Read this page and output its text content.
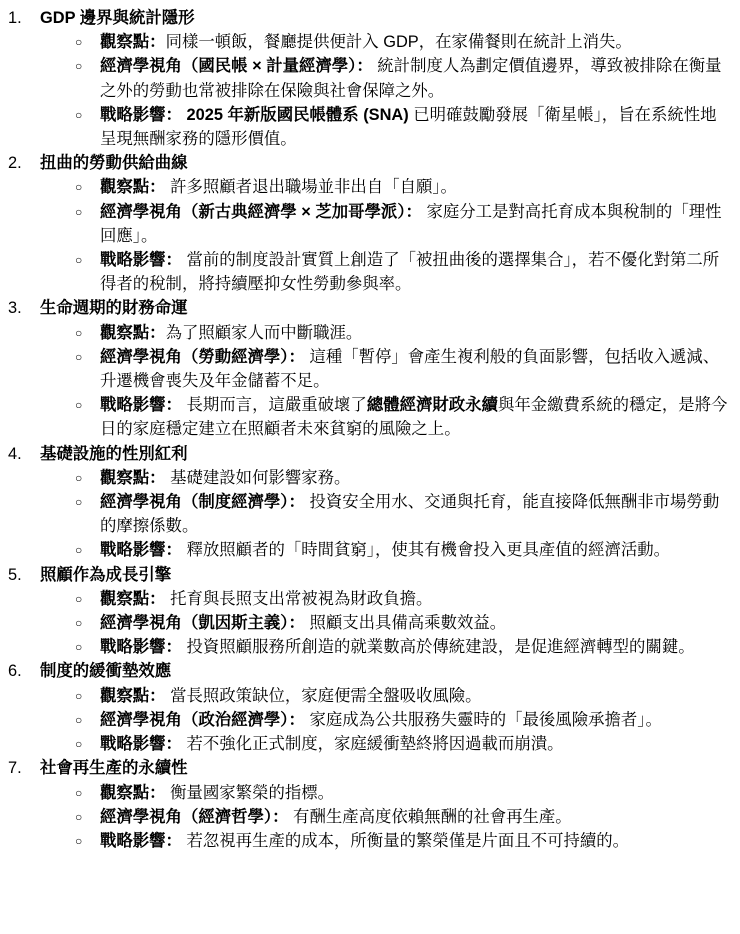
1.	GDP 邊界與統計隱形
○	觀察點：同樣一頓飯，餐廳提供便計入 GDP，在家備餐則在統計上消失。
○	經濟學視角（國民帳 × 計量經濟學）： 統計制度人為劃定價值邊界，導致被排除在衡量之外的勞動也常被排除在保險與社會保障之外。
○	戰略影響： 2025 年新版國民帳體系 (SNA) 已明確鼓勵發展「衛星帳」，旨在系統性地呈現無酬家務的隱形價值。
2.	扭曲的勞動供給曲線
○	觀察點： 許多照顧者退出職場並非出自「自願」。
○	經濟學視角（新古典經濟學 × 芝加哥學派）： 家庭分工是對高托育成本與稅制的「理性回應」。
○	戰略影響： 當前的制度設計實質上創造了「被扭曲後的選擇集合」，若不優化對第二所得者的稅制，將持續壓抑女性勞動參與率。
3.	生命週期的財務命運
○	觀察點：為了照顧家人而中斷職涯。
○	經濟學視角（勞動經濟學）： 這種「暫停」會產生複利般的負面影響，包括收入遞減、升遷機會喪失及年金儲蓄不足。
○	戰略影響： 長期而言，這嚴重破壞了總體經濟財政永續與年金繳費系統的穩定，是將今日的家庭穩定建立在照顧者未來貧窮的風險之上。
4.	基礎設施的性別紅利
○	觀察點： 基礎建設如何影響家務。
○	經濟學視角（制度經濟學）： 投資安全用水、交通與托育，能直接降低無酬非市場勞動的摩擦係數。
○	戰略影響： 釋放照顧者的「時間貧窮」，使其有機會投入更具產值的經濟活動。
5.	照顧作為成長引擎
○	觀察點： 托育與長照支出常被視為財政負擔。
○	經濟學視角（凱因斯主義）： 照顧支出具備高乘數效益。
○	戰略影響： 投資照顧服務所創造的就業數高於傳統建設，是促進經濟轉型的關鍵。
6.	制度的緩衝墊效應
○	觀察點： 當長照政策缺位，家庭便需全盤吸收風險。
○	經濟學視角（政治經濟學）： 家庭成為公共服務失靈時的「最後風險承擔者」。
○	戰略影響： 若不強化正式制度，家庭緩衝墊終將因過載而崩潰。
7.	社會再生產的永續性
○	觀察點： 衡量國家繁榮的指標。
○	經濟學視角（經濟哲學）： 有酬生產高度依賴無酬的社會再生產。
○	戰略影響： 若忽視再生產的成本，所衡量的繁榮僅是片面且不可持續的。
